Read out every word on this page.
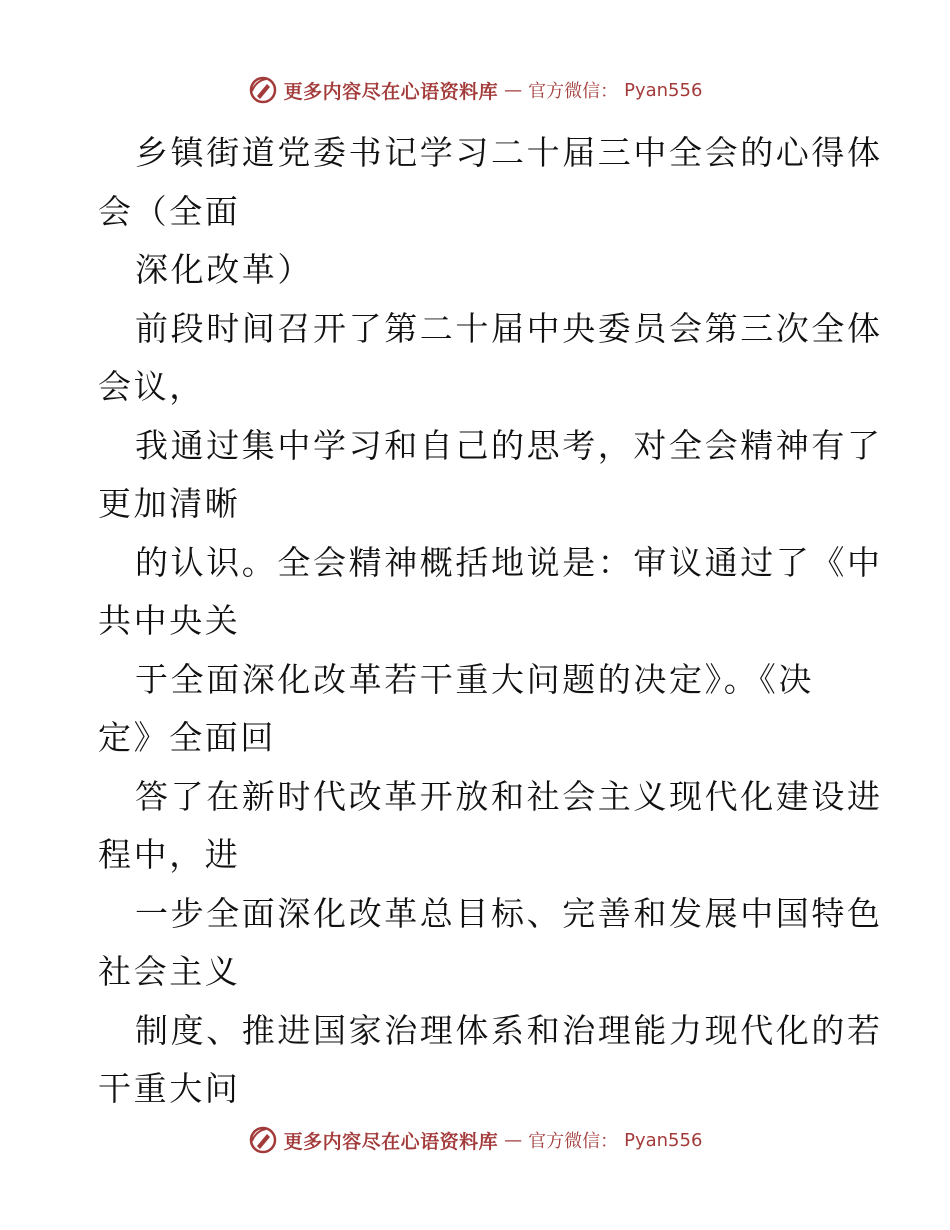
更多内容尽在心语资料库 — 官方微信： Pyan556
乡镇街道党委书记学习二十届三中全会的心得体
会（全面
深化改革）
前段时间召开了第二十届中央委员会第三次全体
会议，
我通过集中学习和自己的思考，对全会精神有了
更加清晰
的认识。全会精神概括地说是：审议通过了《中
共中央关
于全面深化改革若干重大问题的决定》。《决
定》全面回
答了在新时代改革开放和社会主义现代化建设进
程中，进
一步全面深化改革总目标、完善和发展中国特色
社会主义
制度、推进国家治理体系和治理能力现代化的若
干重大问
更多内容尽在心语资料库 — 官方微信： Pyan556
